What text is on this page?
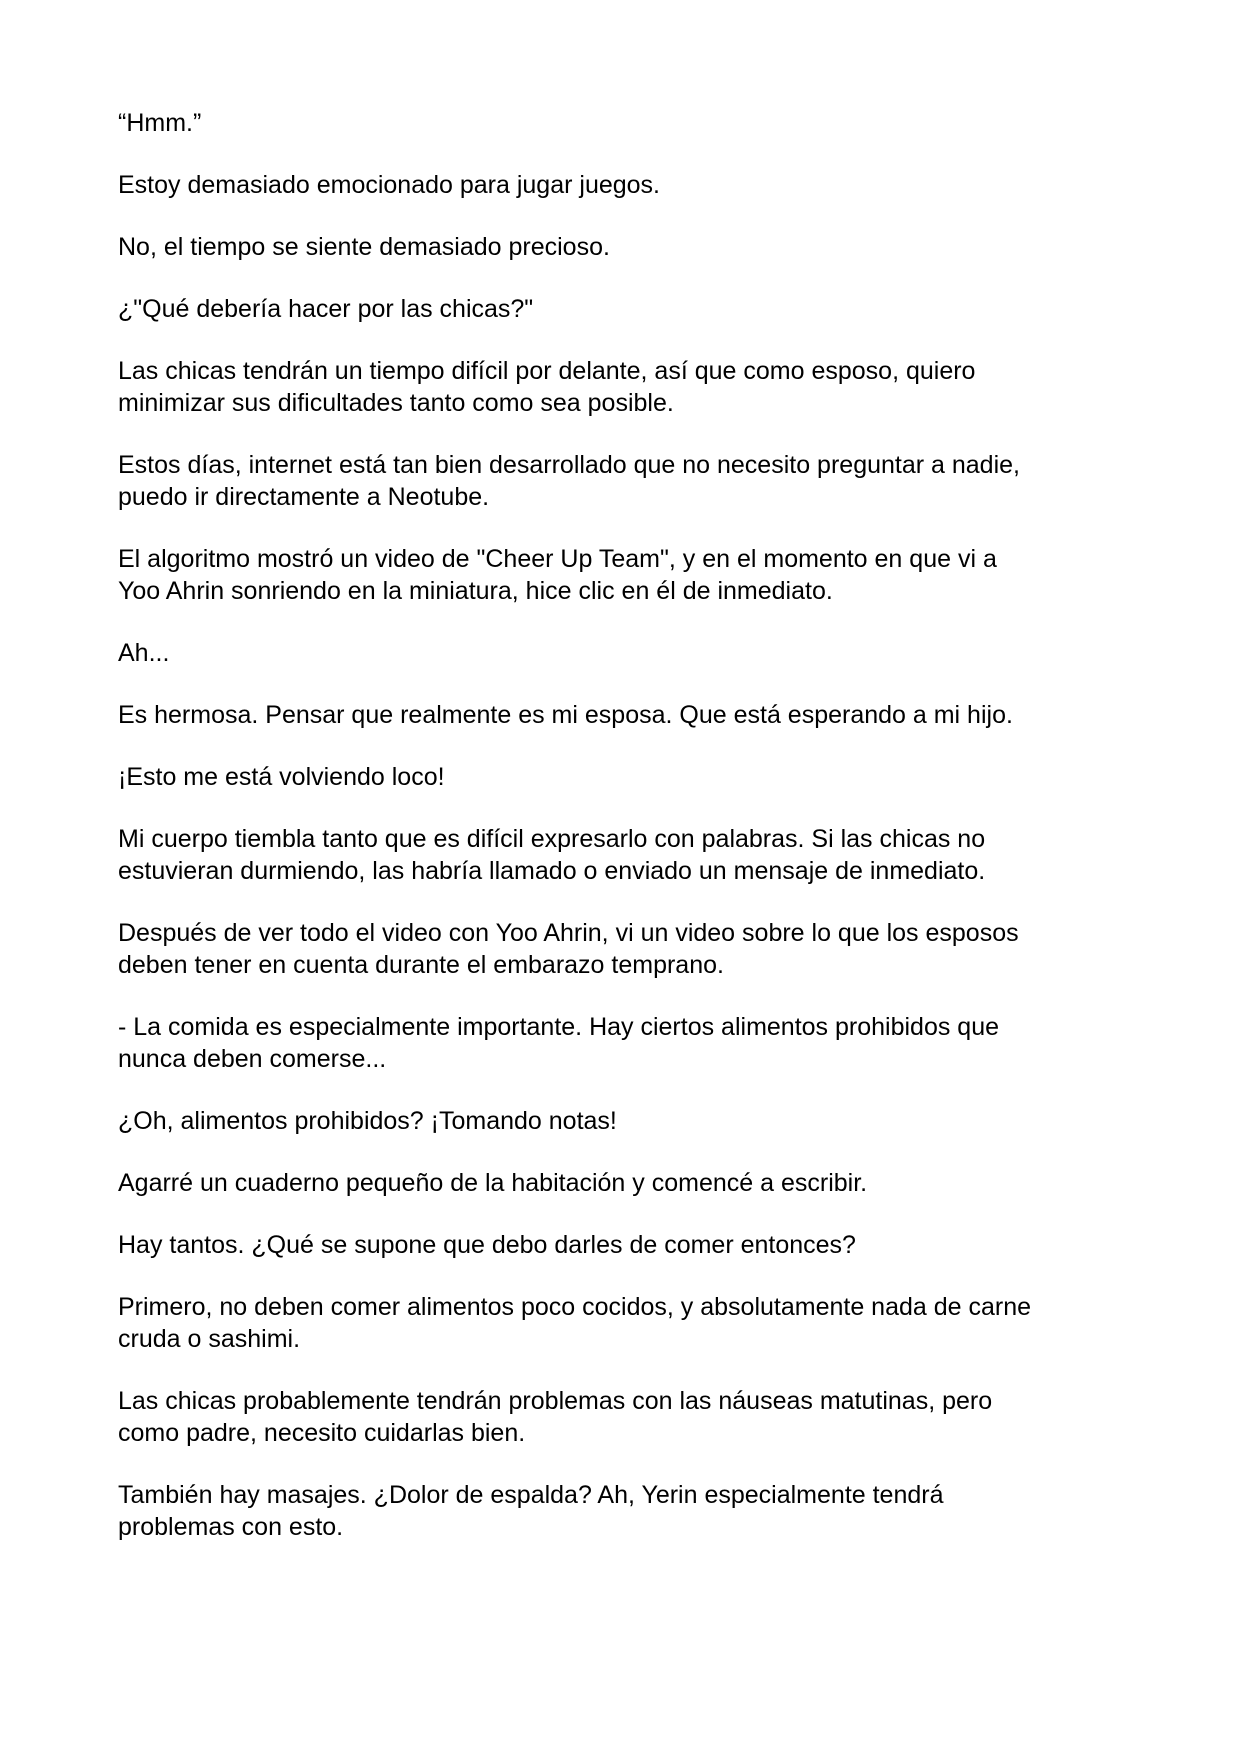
“Hmm.”

Estoy demasiado emocionado para jugar juegos.

No, el tiempo se siente demasiado precioso.

¿"Qué debería hacer por las chicas?"

Las chicas tendrán un tiempo difícil por delante, así que como esposo, quiero
minimizar sus dificultades tanto como sea posible.

Estos días, internet está tan bien desarrollado que no necesito preguntar a nadie,
puedo ir directamente a Neotube.

El algoritmo mostró un video de "Cheer Up Team", y en el momento en que vi a
Yoo Ahrin sonriendo en la miniatura, hice clic en él de inmediato.

Ah...

Es hermosa. Pensar que realmente es mi esposa. Que está esperando a mi hijo.

¡Esto me está volviendo loco!

Mi cuerpo tiembla tanto que es difícil expresarlo con palabras. Si las chicas no
estuvieran durmiendo, las habría llamado o enviado un mensaje de inmediato.

Después de ver todo el video con Yoo Ahrin, vi un video sobre lo que los esposos
deben tener en cuenta durante el embarazo temprano.

- La comida es especialmente importante. Hay ciertos alimentos prohibidos que
nunca deben comerse...

¿Oh, alimentos prohibidos? ¡Tomando notas!

Agarré un cuaderno pequeño de la habitación y comencé a escribir.

Hay tantos. ¿Qué se supone que debo darles de comer entonces?

Primero, no deben comer alimentos poco cocidos, y absolutamente nada de carne
cruda o sashimi.

Las chicas probablemente tendrán problemas con las náuseas matutinas, pero
como padre, necesito cuidarlas bien.

También hay masajes. ¿Dolor de espalda? Ah, Yerin especialmente tendrá
problemas con esto.
